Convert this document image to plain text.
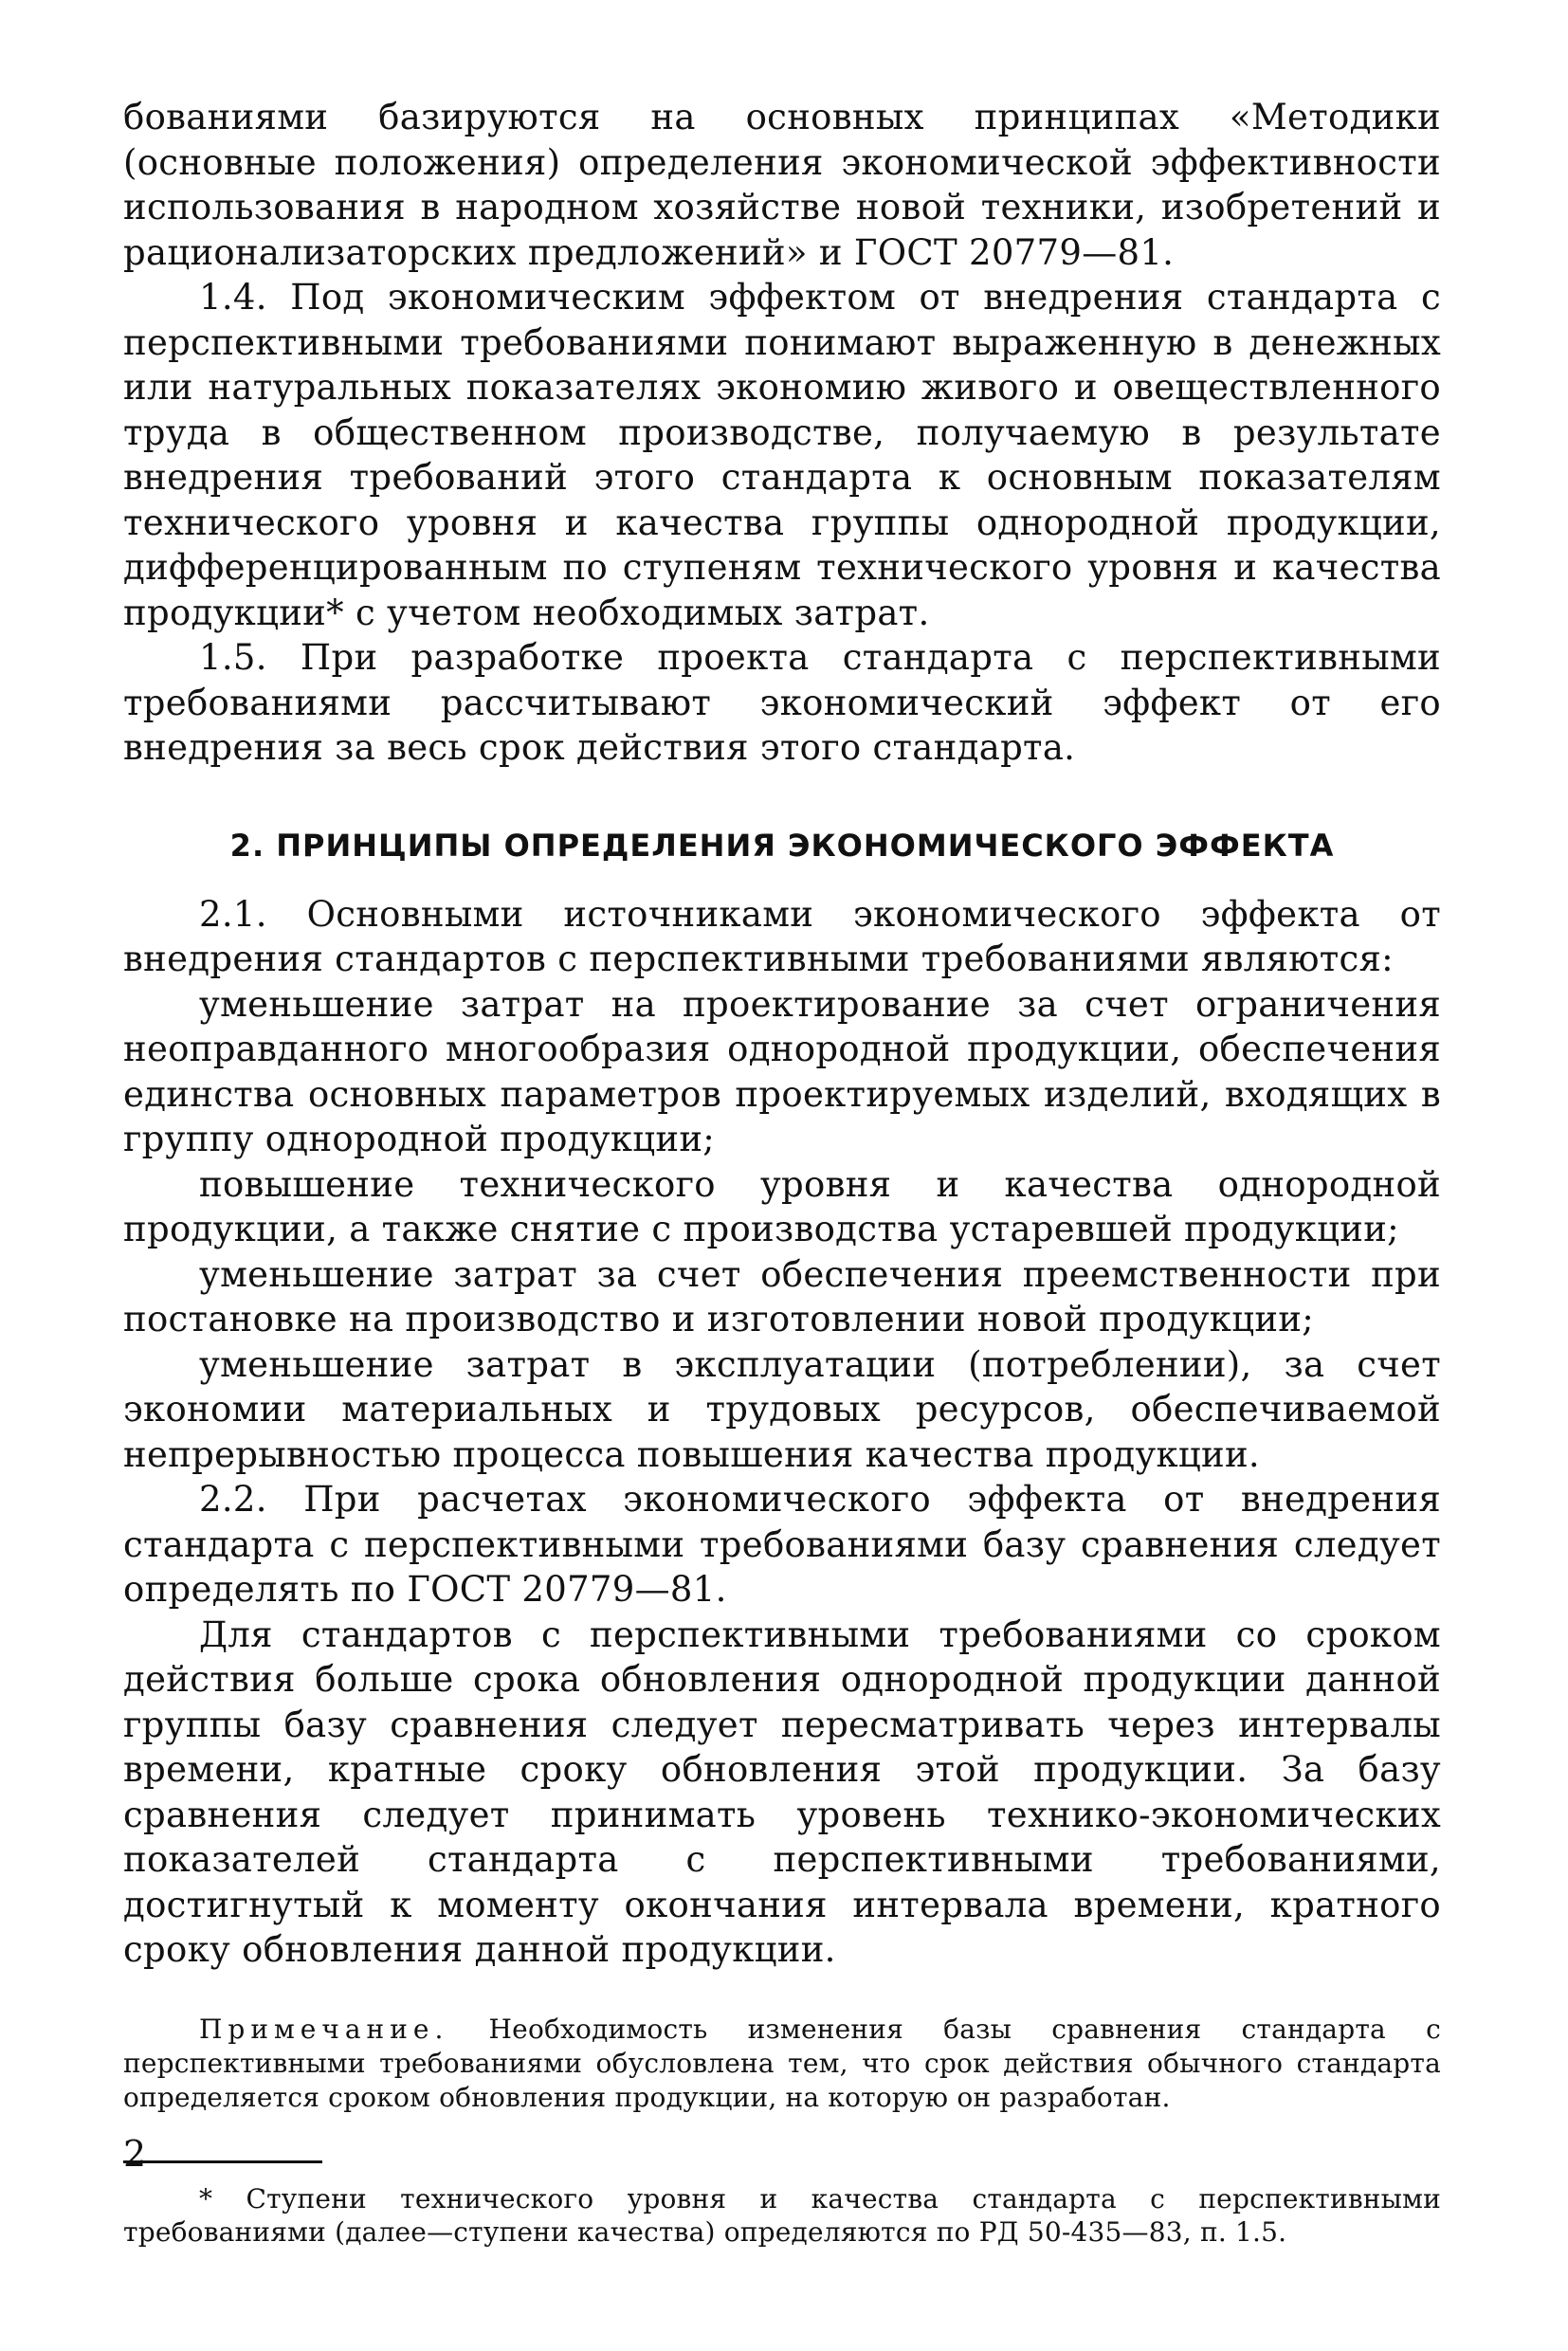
бованиями базируются на основных принципах «Методики (основные положения) определения экономической эффективности использования в народном хозяйстве новой техники, изобретений и рационализаторских предложений» и ГОСТ 20779—81.

1.4. Под экономическим эффектом от внедрения стандарта с перспективными требованиями понимают выраженную в денежных или натуральных показателях экономию живого и овеществленного труда в общественном производстве, получаемую в результате внедрения требований этого стандарта к основным показателям технического уровня и качества группы однородной продукции, дифференцированным по ступеням технического уровня и качества продукции* с учетом необходимых затрат.

1.5. При разработке проекта стандарта с перспективными требованиями рассчитывают экономический эффект от его внедрения за весь срок действия этого стандарта.

2. ПРИНЦИПЫ ОПРЕДЕЛЕНИЯ ЭКОНОМИЧЕСКОГО ЭФФЕКТА

2.1. Основными источниками экономического эффекта от внедрения стандартов с перспективными требованиями являются:

уменьшение затрат на проектирование за счет ограничения неоправданного многообразия однородной продукции, обеспечения единства основных параметров проектируемых изделий, входящих в группу однородной продукции;

повышение технического уровня и качества однородной продукции, а также снятие с производства устаревшей продукции;

уменьшение затрат за счет обеспечения преемственности при постановке на производство и изготовлении новой продукции;

уменьшение затрат в эксплуатации (потреблении), за счет экономии материальных и трудовых ресурсов, обеспечиваемой непрерывностью процесса повышения качества продукции.

2.2. При расчетах экономического эффекта от внедрения стандарта с перспективными требованиями базу сравнения следует определять по ГОСТ 20779—81.

Для стандартов с перспективными требованиями со сроком действия больше срока обновления однородной продукции данной группы базу сравнения следует пересматривать через интервалы времени, кратные сроку обновления этой продукции. За базу сравнения следует принимать уровень технико-экономических показателей стандарта с перспективными требованиями, достигнутый к моменту окончания интервала времени, кратного сроку обновления данной продукции.

Примечание. Необходимость изменения базы сравнения стандарта с перспективными требованиями обусловлена тем, что срок действия обычного стандарта определяется сроком обновления продукции, на которую он разработан.

* Ступени технического уровня и качества стандарта с перспективными требованиями (далее—ступени качества) определяются по РД 50-435—83, п. 1.5.

2
